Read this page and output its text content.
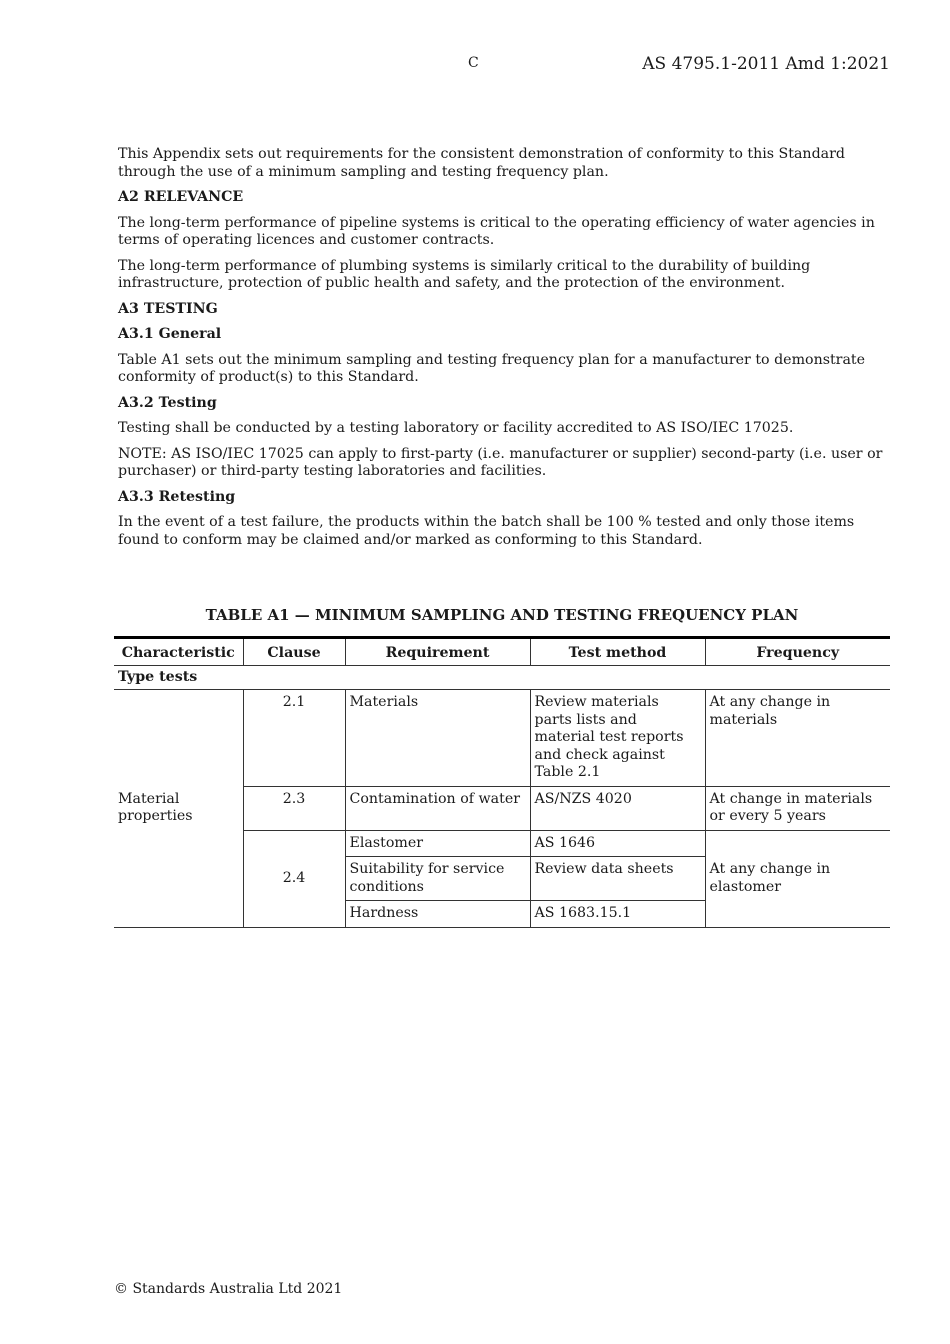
C	AS 4795.1-2011 Amd 1:2021

This Appendix sets out requirements for the consistent demonstration of conformity to this Standard through the use of a minimum sampling and testing frequency plan.

A2 RELEVANCE

The long-term performance of pipeline systems is critical to the operating efficiency of water agencies in terms of operating licences and customer contracts.

The long-term performance of plumbing systems is similarly critical to the durability of building infrastructure, protection of public health and safety, and the protection of the environment.

A3 TESTING
A3.1 General

Table A1 sets out the minimum sampling and testing frequency plan for a manufacturer to demonstrate conformity of product(s) to this Standard.

A3.2 Testing

Testing shall be conducted by a testing laboratory or facility accredited to AS ISO/IEC 17025.

NOTE: AS ISO/IEC 17025 can apply to first-party (i.e. manufacturer or supplier) second-party (i.e. user or purchaser) or third-party testing laboratories and facilities.

A3.3 Retesting

In the event of a test failure, the products within the batch shall be 100 % tested and only those items found to conform may be claimed and/or marked as conforming to this Standard.

TABLE A1 — MINIMUM SAMPLING AND TESTING FREQUENCY PLAN
Characteristic	Clause	Requirement	Test method	Frequency
Type tests				
Material properties	2.1	Materials	Review materials parts lists and material test reports and check against Table 2.1	At any change in materials
	2.3	Contamination of water	AS/NZS 4020	At change in materials or every 5 years
	2.4	Elastomer	AS 1646	At any change in elastomer
		Suitability for service conditions	Review data sheets	
		Hardness	AS 1683.15.1	
© Standards Australia Ltd 2021
